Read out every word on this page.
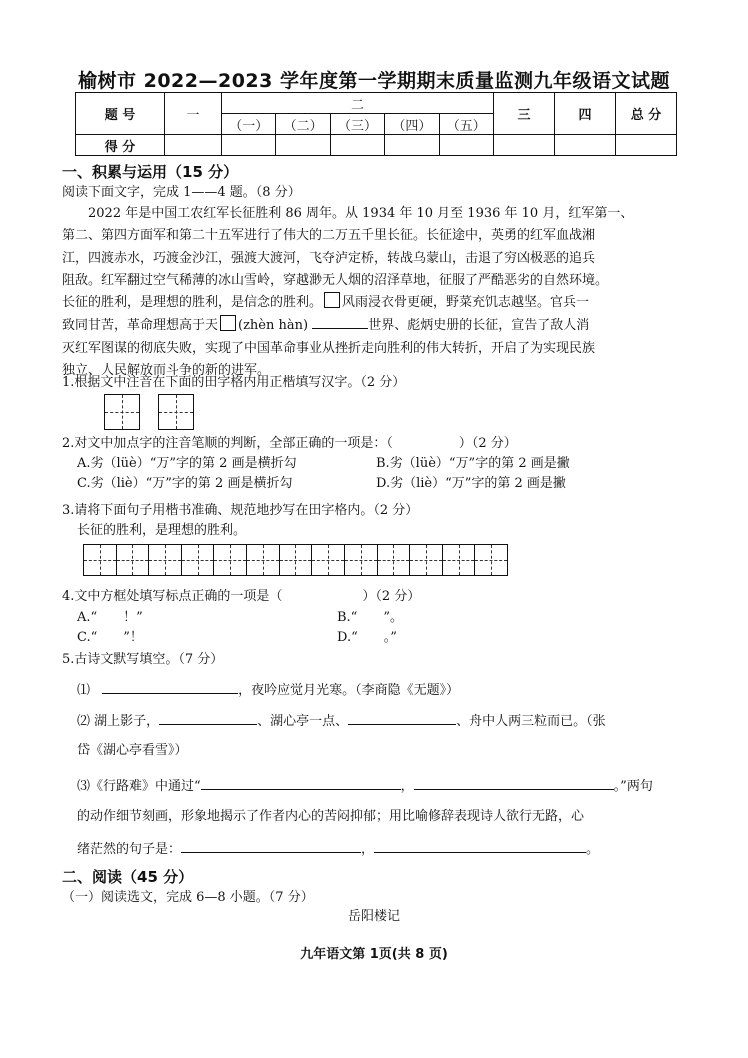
榆树市 2022—2023 学年度第一学期期末质量监测九年级语文试题
题 号	一	二					三	四	总 分
		（一）	（二）	（三）	（四）	（五）			
得 分									
一、积累与运用（15 分）
阅读下面文字，完成 1——4 题。（8 分）
2022 年是中国工农红军长征胜利 86 周年。从 1934 年 10 月至 1936 年 10 月，红军第一、
第二、第四方面军和第二十五军进行了伟大的二万五千里长征。长征途中，英勇的红军血战湘
江，四渡赤水，巧渡金沙江，强渡大渡河，飞夺泸定桥，转战乌蒙山，击退了穷凶极恶的追兵
阻敌。红军翻过空气稀薄的冰山雪岭，穿越渺无人烟的沼泽草地，征服了严酷恶劣的自然环境。
长征的胜利，是理想的胜利，是信念的胜利。 风雨浸衣骨更硬，野菜充饥志越坚。官兵一
致同甘苦，革命理想高于天 (zhèn hàn)	世界、彪炳史册的长征，宣告了敌人消
灭红军图谋的彻底失败，实现了中国革命事业从挫折走向胜利的伟大转折，开启了为实现民族
独立、人民解放而斗争的新的进军。
1.根据文中注音在下面的田字格内用正楷填写汉字。（2 分）
2.对文中加点字的注音笔顺的判断，全部正确的一项是：（	）（2 分）
A.劣（lüè）“万”字的第 2 画是横折勾	B.劣（lüè）“万”字的第 2 画是撇
C.劣（liè）“万”字的第 2 画是横折勾	D.劣（liè）“万”字的第 2 画是撇
3.请将下面句子用楷书准确、规范地抄写在田字格内。（2 分）
长征的胜利，是理想的胜利。
4.文中方框处填写标点正确的一项是（	）（2 分）
A.“　　！”	B.“　　”。
C.“　　”！	D.“　　。”
5.古诗文默写填空。（7 分）
⑴	，夜吟应觉月光寒。（李商隐《无题》）
⑵ 湖上影子，	、湖心亭一点、	、舟中人两三粒而已。（张
岱《湖心亭看雪》）
⑶《行路难》中通过“	，	。”两句
的动作细节刻画，形象地揭示了作者内心的苦闷抑郁；用比喻修辞表现诗人欲行无路，心
绪茫然的句子是：	，	。
二、阅读（45 分）
（一）阅读选文，完成 6—8 小题。（7 分）
岳阳楼记
九年语文第 1页(共 8 页)
